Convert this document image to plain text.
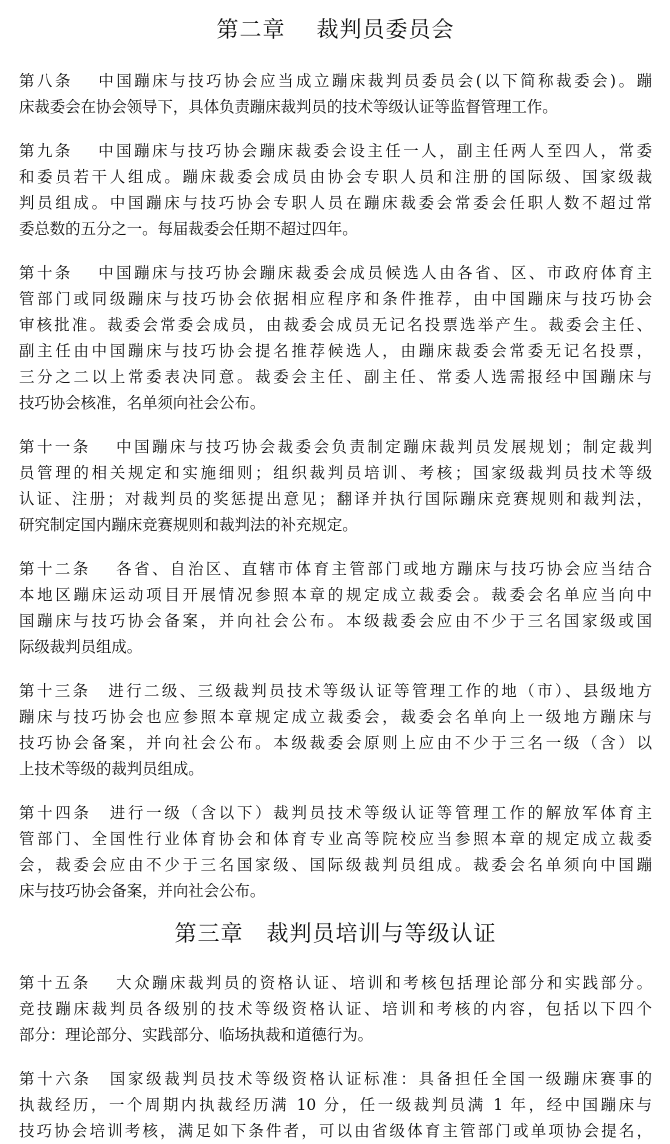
第二章　 裁判员委员会

第八条　 中国蹦床与技巧协会应当成立蹦床裁判员委员会(以下简称裁委会)。蹦
床裁委会在协会领导下，具体负责蹦床裁判员的技术等级认证等监督管理工作。

第九条　 中国蹦床与技巧协会蹦床裁委会设主任一人，副主任两人至四人，常委
和委员若干人组成。蹦床裁委会成员由协会专职人员和注册的国际级、国家级裁
判员组成。中国蹦床与技巧协会专职人员在蹦床裁委会常委会任职人数不超过常
委总数的五分之一。每届裁委会任期不超过四年。

第十条　 中国蹦床与技巧协会蹦床裁委会成员候选人由各省、区、市政府体育主
管部门或同级蹦床与技巧协会依据相应程序和条件推荐，由中国蹦床与技巧协会
审核批准。裁委会常委会成员，由裁委会成员无记名投票选举产生。裁委会主任、
副主任由中国蹦床与技巧协会提名推荐候选人，由蹦床裁委会常委无记名投票，
三分之二以上常委表决同意。裁委会主任、副主任、常委人选需报经中国蹦床与
技巧协会核准，名单须向社会公布。

第十一条　 中国蹦床与技巧协会裁委会负责制定蹦床裁判员发展规划；制定裁判
员管理的相关规定和实施细则；组织裁判员培训、考核；国家级裁判员技术等级
认证、注册；对裁判员的奖惩提出意见；翻译并执行国际蹦床竞赛规则和裁判法，
研究制定国内蹦床竞赛规则和裁判法的补充规定。

第十二条　 各省、自治区、直辖市体育主管部门或地方蹦床与技巧协会应当结合
本地区蹦床运动项目开展情况参照本章的规定成立裁委会。裁委会名单应当向中
国蹦床与技巧协会备案，并向社会公布。本级裁委会应由不少于三名国家级或国
际级裁判员组成。

第十三条　进行二级、三级裁判员技术等级认证等管理工作的地（市）、县级地方
蹦床与技巧协会也应参照本章规定成立裁委会，裁委会名单向上一级地方蹦床与
技巧协会备案，并向社会公布。本级裁委会原则上应由不少于三名一级（含）以
上技术等级的裁判员组成。

第十四条　进行一级（含以下）裁判员技术等级认证等管理工作的解放军体育主
管部门、全国性行业体育协会和体育专业高等院校应当参照本章的规定成立裁委
会，裁委会应由不少于三名国家级、国际级裁判员组成。裁委会名单须向中国蹦
床与技巧协会备案，并向社会公布。

第三章　裁判员培训与等级认证

第十五条　 大众蹦床裁判员的资格认证、培训和考核包括理论部分和实践部分。
竞技蹦床裁判员各级别的技术等级资格认证、培训和考核的内容，包括以下四个
部分：理论部分、实践部分、临场执裁和道德行为。

第十六条　国家级裁判员技术等级资格认证标准：具备担任全国一级蹦床赛事的
执裁经历，一个周期内执裁经历满 10 分，任一级裁判员满 1 年，经中国蹦床与
技巧协会培训考核，满足如下条件者，可以由省级体育主管部门或单项协会提名，
